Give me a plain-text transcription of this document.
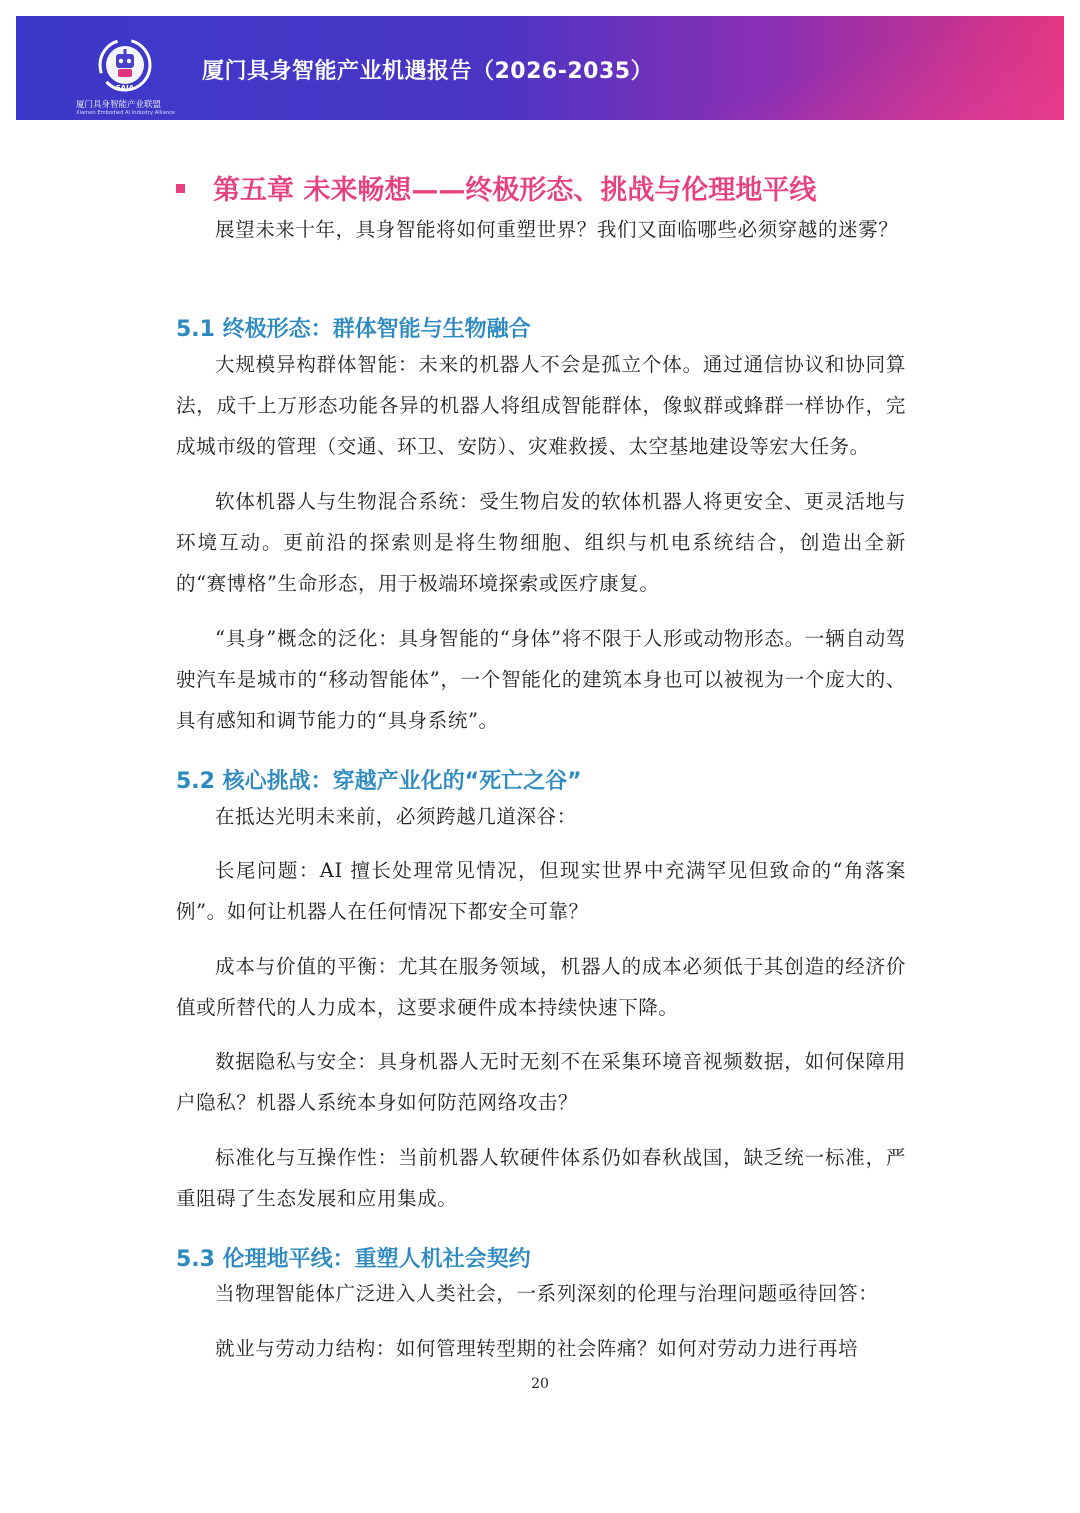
EAIA
厦门具身智能产业联盟
Xiamen Embodied AI Industry Alliance
厦门具身智能产业机遇报告（2026-2035）
第五章 未来畅想——终极形态、挑战与伦理地平线

展望未来十年，具身智能将如何重塑世界？我们又面临哪些必须穿越的迷雾？

5.1 终极形态：群体智能与生物融合

大规模异构群体智能：未来的机器人不会是孤立个体。通过通信协议和协同算法，成千上万形态功能各异的机器人将组成智能群体，像蚁群或蜂群一样协作，完成城市级的管理（交通、环卫、安防）、灾难救援、太空基地建设等宏大任务。

软体机器人与生物混合系统：受生物启发的软体机器人将更安全、更灵活地与环境互动。更前沿的探索则是将生物细胞、组织与机电系统结合，创造出全新的“赛博格”生命形态，用于极端环境探索或医疗康复。

“具身”概念的泛化：具身智能的“身体”将不限于人形或动物形态。一辆自动驾驶汽车是城市的“移动智能体”，一个智能化的建筑本身也可以被视为一个庞大的、具有感知和调节能力的“具身系统”。

5.2 核心挑战：穿越产业化的“死亡之谷”

在抵达光明未来前，必须跨越几道深谷：

长尾问题：AI 擅长处理常见情况，但现实世界中充满罕见但致命的“角落案例”。如何让机器人在任何情况下都安全可靠？

成本与价值的平衡：尤其在服务领域，机器人的成本必须低于其创造的经济价值或所替代的人力成本，这要求硬件成本持续快速下降。

数据隐私与安全：具身机器人无时无刻不在采集环境音视频数据，如何保障用户隐私？机器人系统本身如何防范网络攻击？

标准化与互操作性：当前机器人软硬件体系仍如春秋战国，缺乏统一标准，严重阻碍了生态发展和应用集成。

5.3 伦理地平线：重塑人机社会契约

当物理智能体广泛进入人类社会，一系列深刻的伦理与治理问题亟待回答：

就业与劳动力结构：如何管理转型期的社会阵痛？如何对劳动力进行再培

20
